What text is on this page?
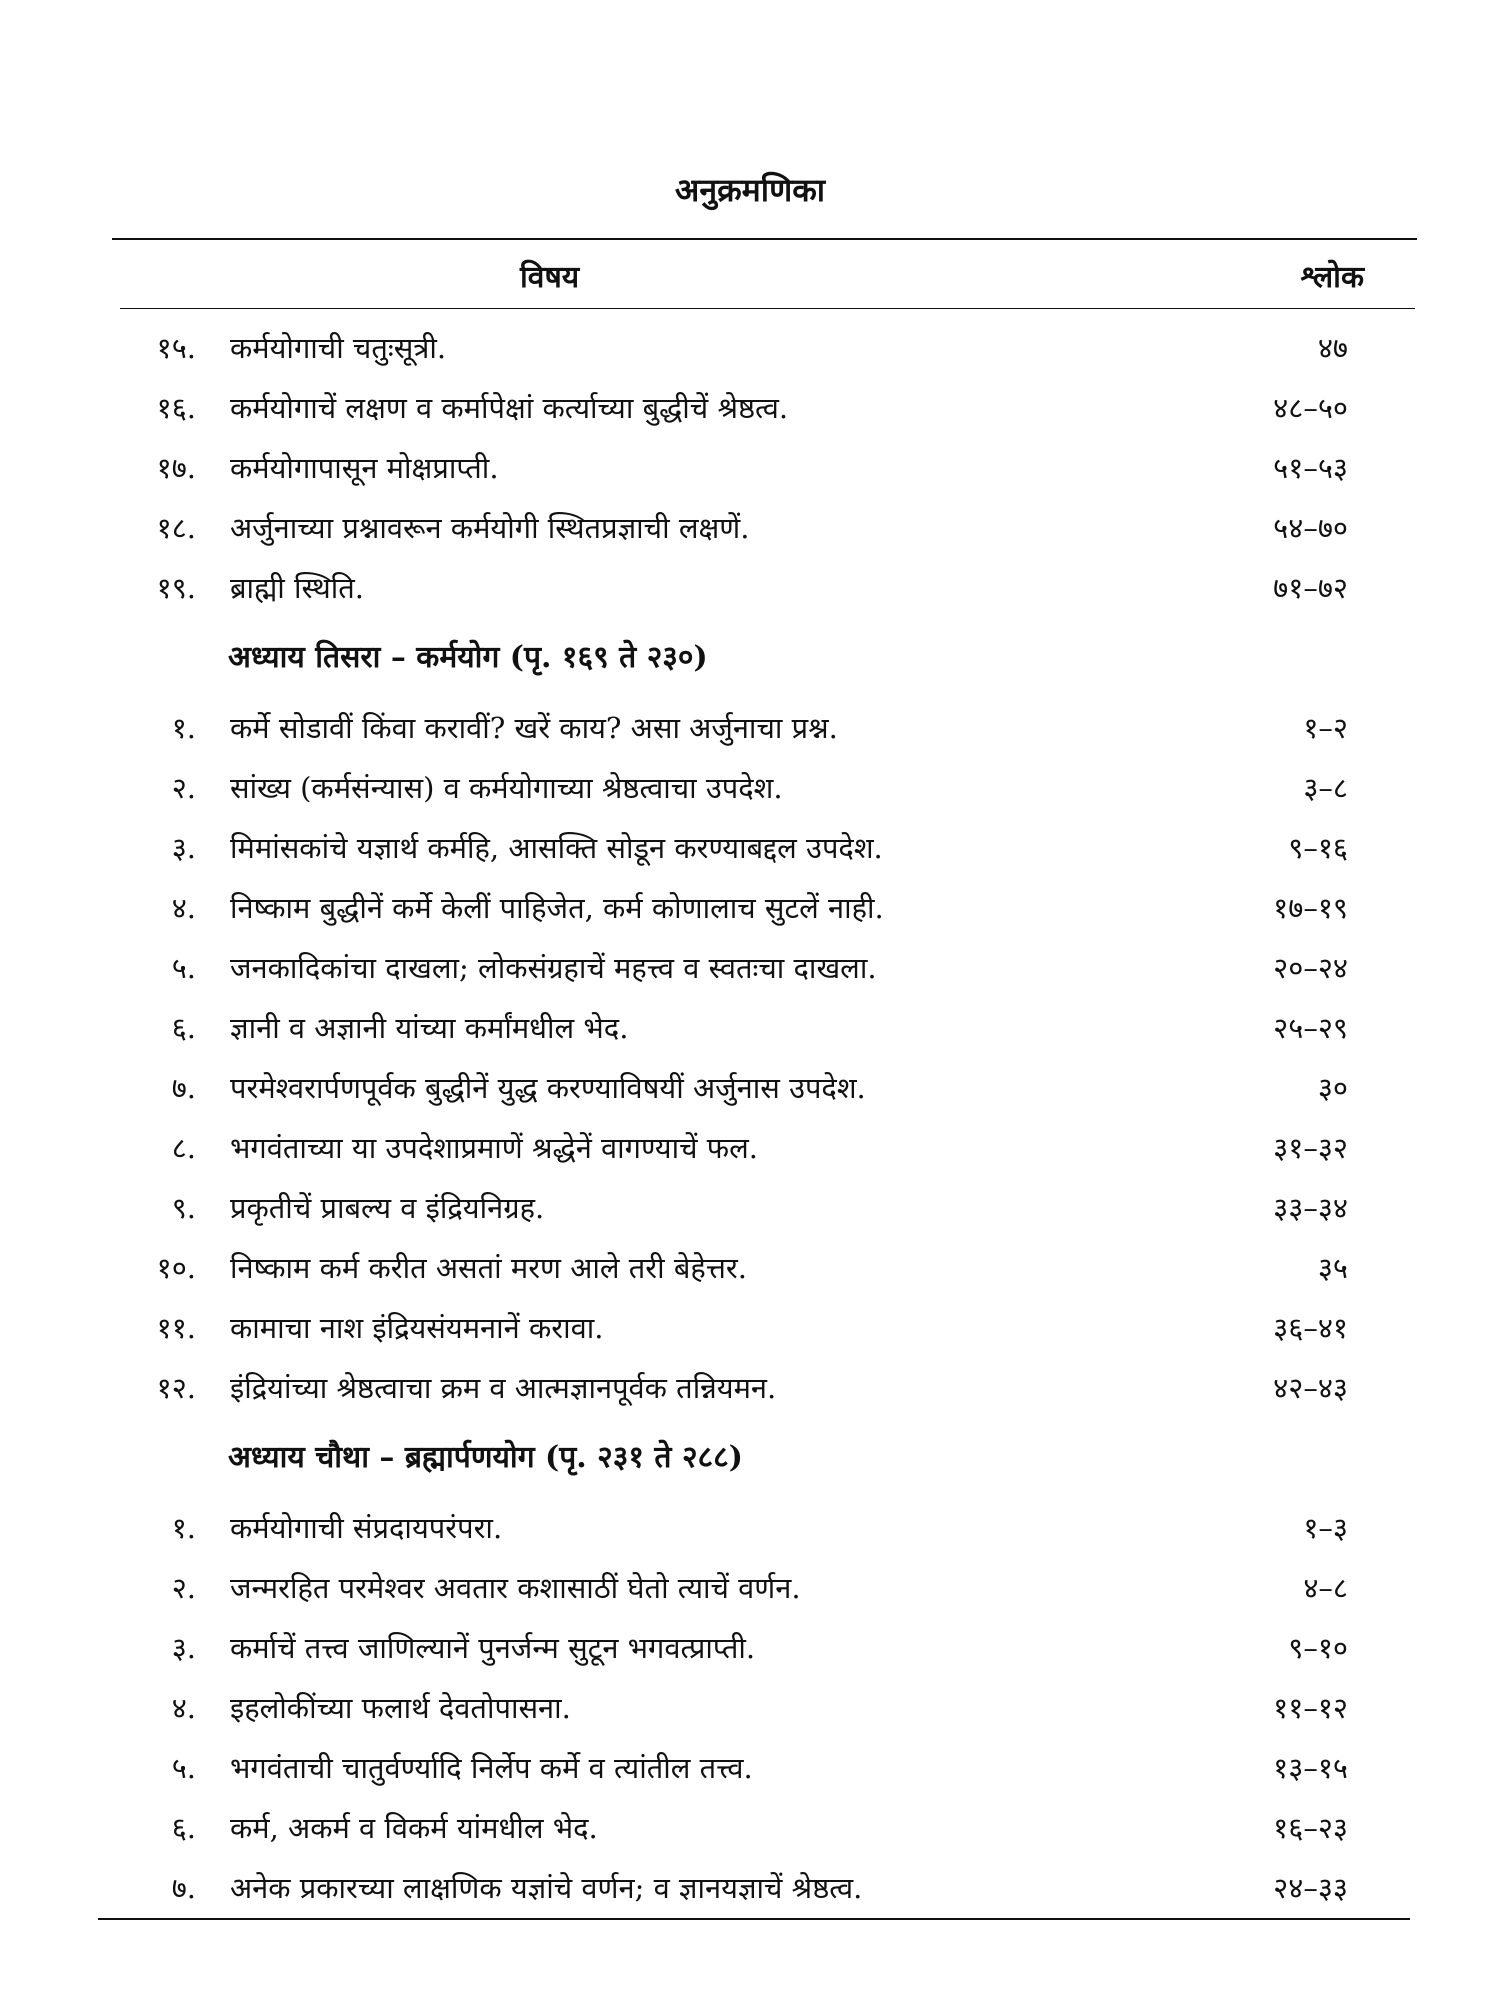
अनुक्रमणिका
विषय	श्लोक
१५. कर्मयोगाची चतुःसूत्री.	४७
१६. कर्मयोगाचें लक्षण व कर्मापेक्षां कर्त्याच्या बुद्धीचें श्रेष्ठत्व.	४८–५०
१७. कर्मयोगापासून मोक्षप्राप्ती.	५१–५३
१८. अर्जुनाच्या प्रश्नावरून कर्मयोगी स्थितप्रज्ञाची लक्षणें.	५४–७०
१९. ब्राह्मी स्थिति.	७१–७२
अध्याय तिसरा – कर्मयोग (पृ. १६९ ते २३०)
१. कर्मे सोडावीं किंवा करावीं? खरें काय? असा अर्जुनाचा प्रश्न.	१–२
२. सांख्य (कर्मसंन्यास) व कर्मयोगाच्या श्रेष्ठत्वाचा उपदेश.	३–८
३. मिमांसकांचे यज्ञार्थ कर्महि, आसक्ति सोडून करण्याबद्दल उपदेश.	९–१६
४. निष्काम बुद्धीनें कर्मे केलीं पाहिजेत, कर्म कोणालाच सुटलें नाही.	१७–१९
५. जनकादिकांचा दाखला; लोकसंग्रहाचें महत्त्व व स्वतःचा दाखला.	२०–२४
६. ज्ञानी व अज्ञानी यांच्या कर्मांमधील भेद.	२५–२९
७. परमेश्वरार्पणपूर्वक बुद्धीनें युद्ध करण्याविषयीं अर्जुनास उपदेश.	३०
८. भगवंताच्या या उपदेशाप्रमाणें श्रद्धेनें वागण्याचें फल.	३१–३२
९. प्रकृतीचें प्राबल्य व इंद्रियनिग्रह.	३३–३४
१०. निष्काम कर्म करीत असतां मरण आले तरी बेहेत्तर.	३५
११. कामाचा नाश इंद्रियसंयमनानें करावा.	३६–४१
१२. इंद्रियांच्या श्रेष्ठत्वाचा क्रम व आत्मज्ञानपूर्वक तन्नियमन.	४२–४३
अध्याय चौथा – ब्रह्मार्पणयोग (पृ. २३१ ते २८८)
१. कर्मयोगाची संप्रदायपरंपरा.	१–३
२. जन्मरहित परमेश्वर अवतार कशासाठीं घेतो त्याचें वर्णन.	४–८
३. कर्माचें तत्त्व जाणिल्यानें पुनर्जन्म सुटून भगवत्प्राप्ती.	९–१०
४. इहलोकींच्या फलार्थ देवतोपासना.	११–१२
५. भगवंताची चातुर्वर्ण्यादि निर्लेप कर्मे व त्यांतील तत्त्व.	१३–१५
६. कर्म, अकर्म व विकर्म यांमधील भेद.	१६–२३
७. अनेक प्रकारच्या लाक्षणिक यज्ञांचे वर्णन; व ज्ञानयज्ञाचें श्रेष्ठत्व.	२४–३३
